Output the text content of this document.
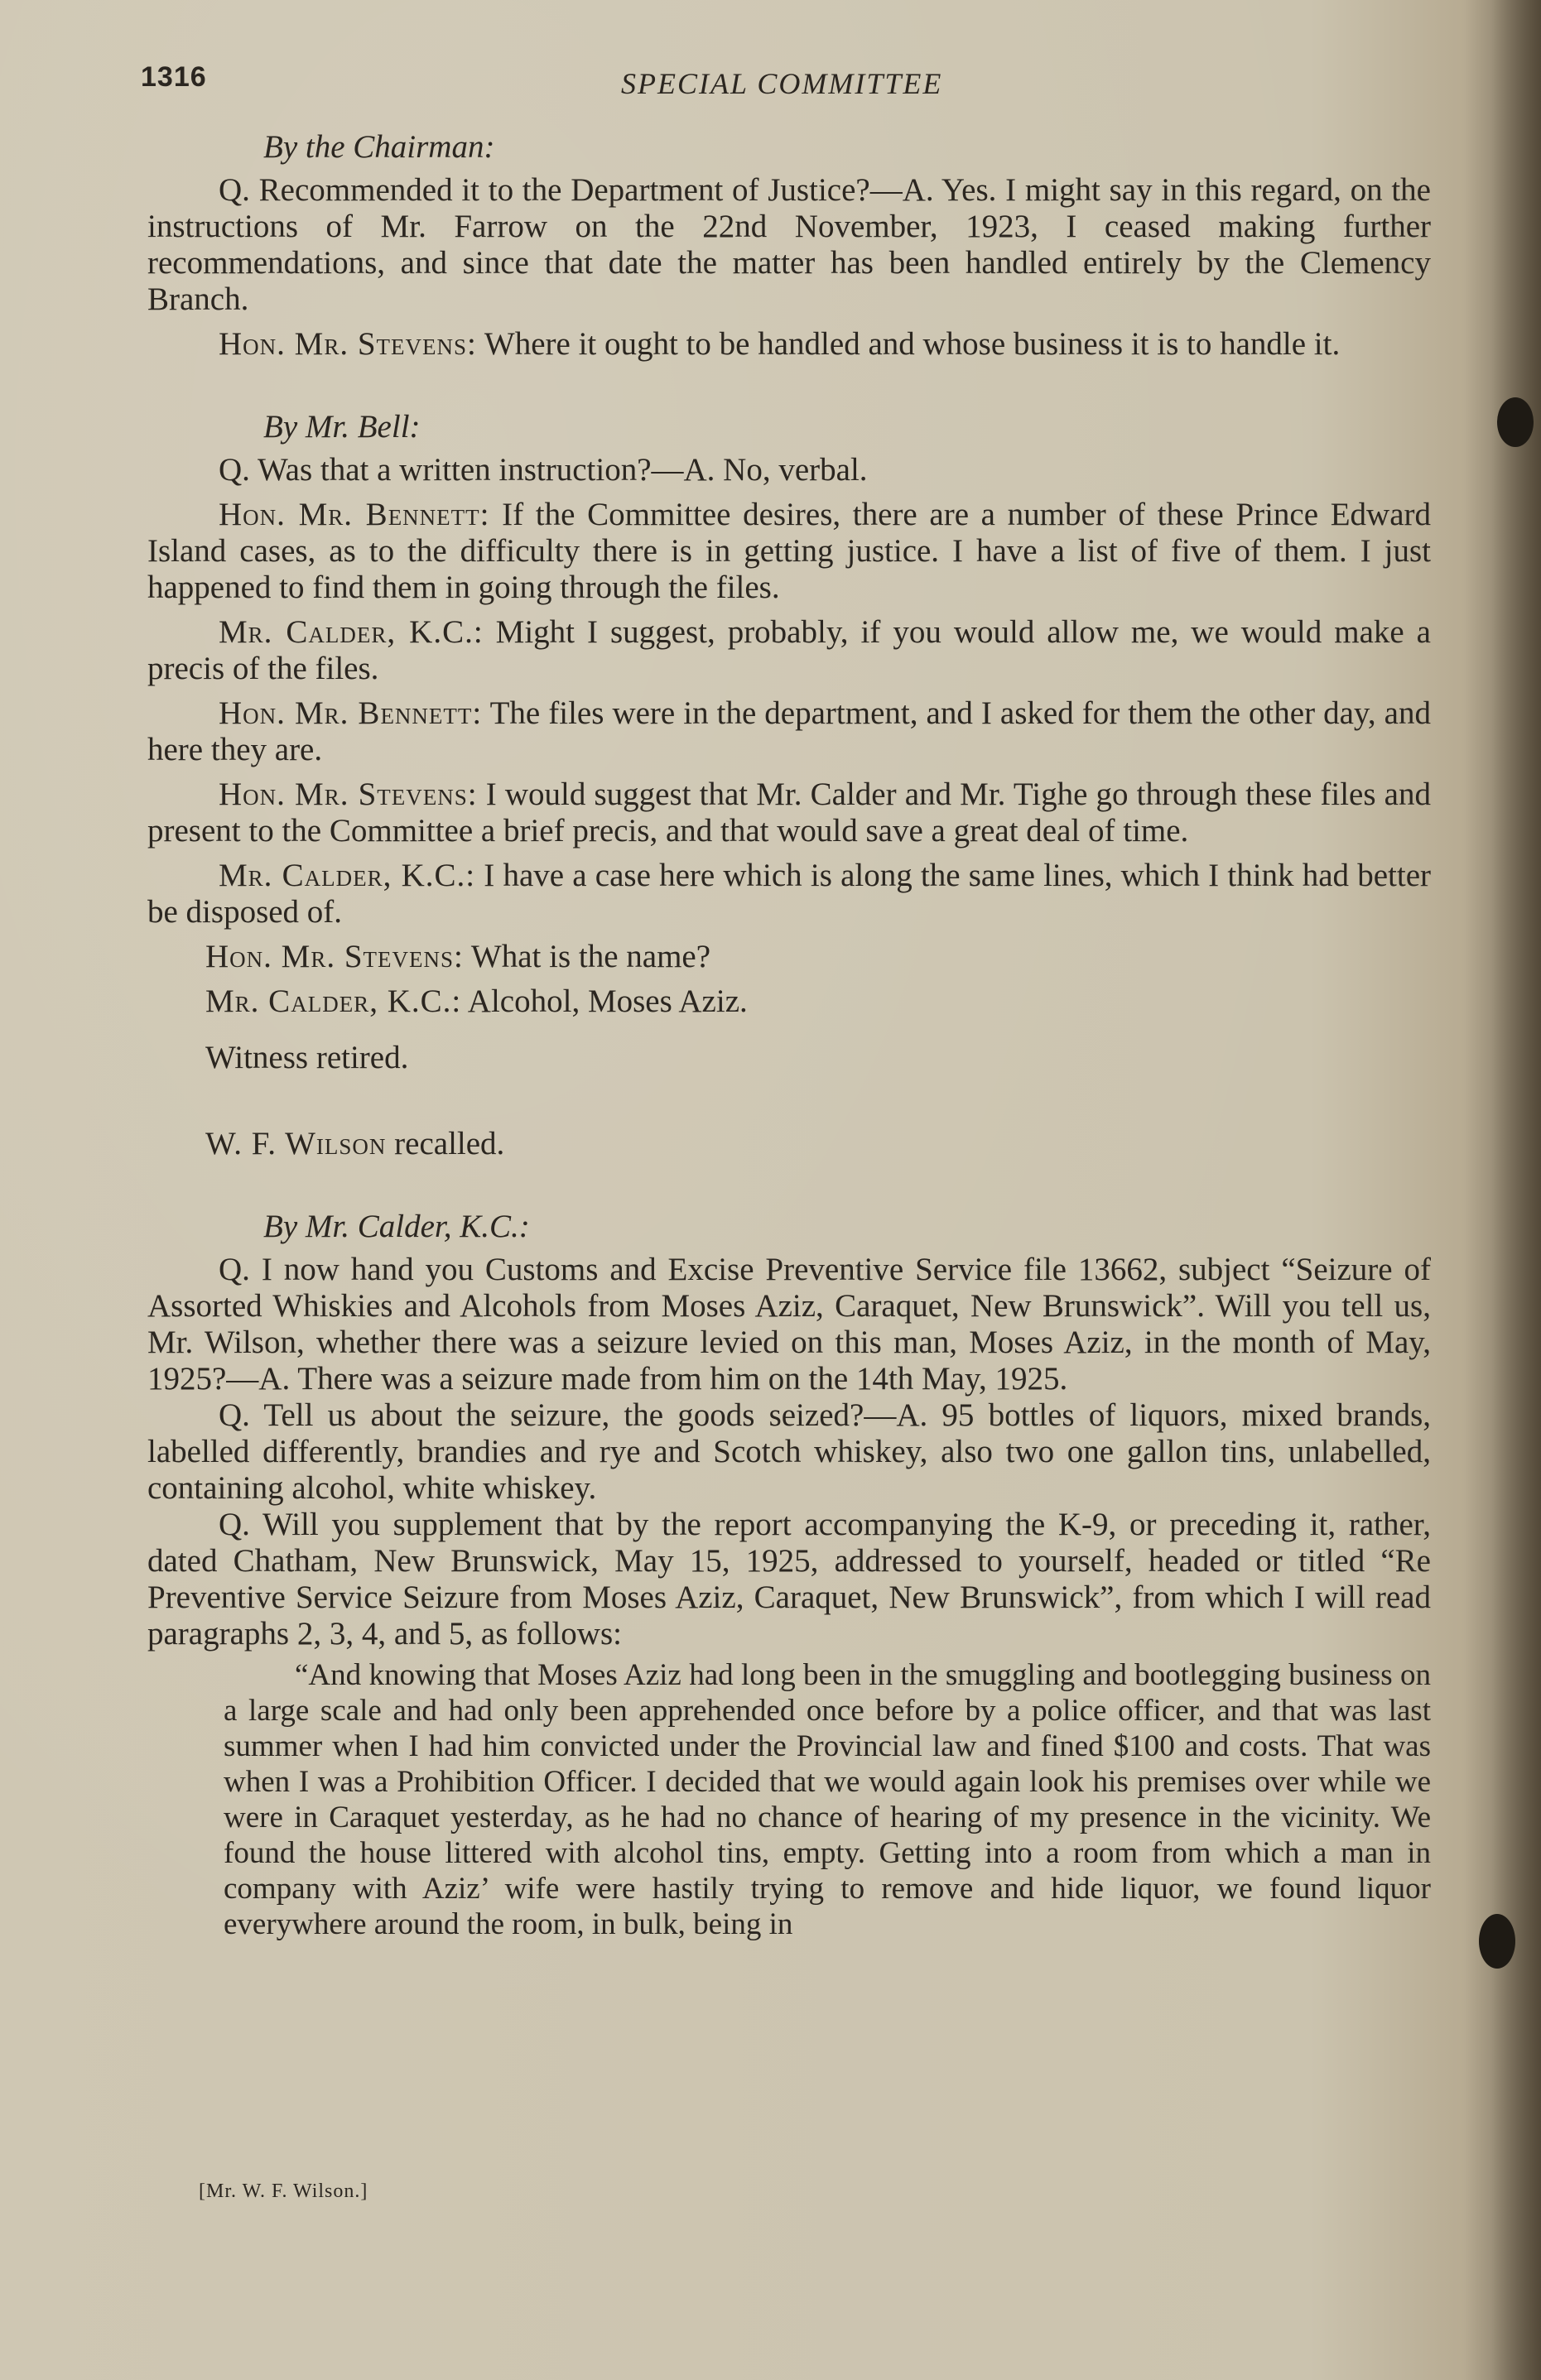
1316	SPECIAL COMMITTEE

By the Chairman:

Q. Recommended it to the Department of Justice?—A. Yes. I might say in this regard, on the instructions of Mr. Farrow on the 22nd November, 1923, I ceased making further recommendations, and since that date the matter has been handled entirely by the Clemency Branch.

Hon. Mr. Stevens: Where it ought to be handled and whose business it is to handle it.

By Mr. Bell:

Q. Was that a written instruction?—A. No, verbal.

Hon. Mr. Bennett: If the Committee desires, there are a number of these Prince Edward Island cases, as to the difficulty there is in getting justice. I have a list of five of them. I just happened to find them in going through the files.

Mr. Calder, K.C.: Might I suggest, probably, if you would allow me, we would make a precis of the files.

Hon. Mr. Bennett: The files were in the department, and I asked for them the other day, and here they are.

Hon. Mr. Stevens: I would suggest that Mr. Calder and Mr. Tighe go through these files and present to the Committee a brief precis, and that would save a great deal of time.

Mr. Calder, K.C.: I have a case here which is along the same lines, which I think had better be disposed of.

Hon. Mr. Stevens: What is the name?

Mr. Calder, K.C.: Alcohol, Moses Aziz.

Witness retired.

W. F. Wilson recalled.

By Mr. Calder, K.C.:

Q. I now hand you Customs and Excise Preventive Service file 13662, subject “Seizure of Assorted Whiskies and Alcohols from Moses Aziz, Caraquet, New Brunswick”. Will you tell us, Mr. Wilson, whether there was a seizure levied on this man, Moses Aziz, in the month of May, 1925?—A. There was a seizure made from him on the 14th May, 1925.

Q. Tell us about the seizure, the goods seized?—A. 95 bottles of liquors, mixed brands, labelled differently, brandies and rye and Scotch whiskey, also two one gallon tins, unlabelled, containing alcohol, white whiskey.

Q. Will you supplement that by the report accompanying the K-9, or preceding it, rather, dated Chatham, New Brunswick, May 15, 1925, addressed to yourself, headed or titled “Re Preventive Service Seizure from Moses Aziz, Caraquet, New Brunswick”, from which I will read paragraphs 2, 3, 4, and 5, as follows:

“And knowing that Moses Aziz had long been in the smuggling and bootlegging business on a large scale and had only been apprehended once before by a police officer, and that was last summer when I had him convicted under the Provincial law and fined $100 and costs. That was when I was a Prohibition Officer. I decided that we would again look his premises over while we were in Caraquet yesterday, as he had no chance of hearing of my presence in the vicinity. We found the house littered with alcohol tins, empty. Getting into a room from which a man in company with Aziz’ wife were hastily trying to remove and hide liquor, we found liquor everywhere around the room, in bulk, being in

[Mr. W. F. Wilson.]
